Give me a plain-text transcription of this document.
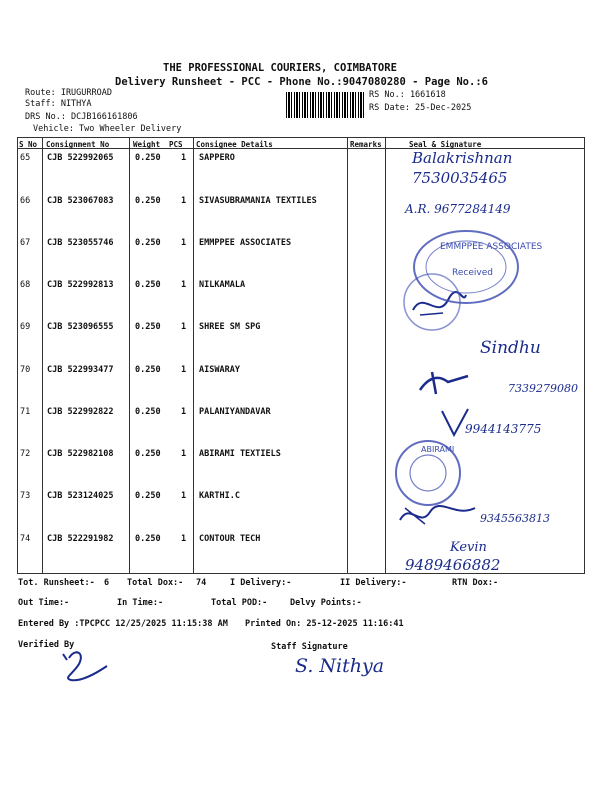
THE PROFESSIONAL COURIERS, COIMBATORE
Delivery Runsheet - PCC - Phone No.:9047080280 - Page No.:6
Route: IRUGURROAD
Staff: NITHYA
DRS No.: DCJB166161806
Vehicle: Two Wheeler Delivery
RS No.: 1661618
RS Date: 25-Dec-2025
S No Consignment No	Weight PCS Consignee Details	Remarks	Seal & Signature
65 CJB 522992065	0.250 1 SAPPERO
66 CJB 523067083	0.250 1 SIVASUBRAMANIA TEXTILES
67 CJB 523055746	0.250 1 EMMPPEE ASSOCIATES
68 CJB 522992813	0.250 1 NILKAMALA
69 CJB 523096555	0.250 1 SHREE SM SPG
70 CJB 522993477	0.250 1 AISWARAY
71 CJB 522992822	0.250 1 PALANIYANDAVAR
72 CJB 522982108	0.250 1 ABIRAMI TEXTIELS
73 CJB 523124025	0.250 1 KARTHI.C
74 CJB 522291982	0.250 1 CONTOUR TECH
Balakrishnan 7530035465
A.R. 9677284149
Sindhu
7339279080
9944143775
9345563813
Kevin
9489466882
EMMPPEE ASSOCIATES
Received
ABIRAMI
Tot. Runsheet:- 6 Total Dox:- 74	I Delivery:-	II Delivery:-	RTN Dox:-
Out Time:-	In Time:-	Total POD:-	Delvy Points:-
Entered By :TPCPCC 12/25/2025 11:15:38 AM Printed On: 25-12-2025 11:16:41
Verified By	Staff Signature
S. Nithya
